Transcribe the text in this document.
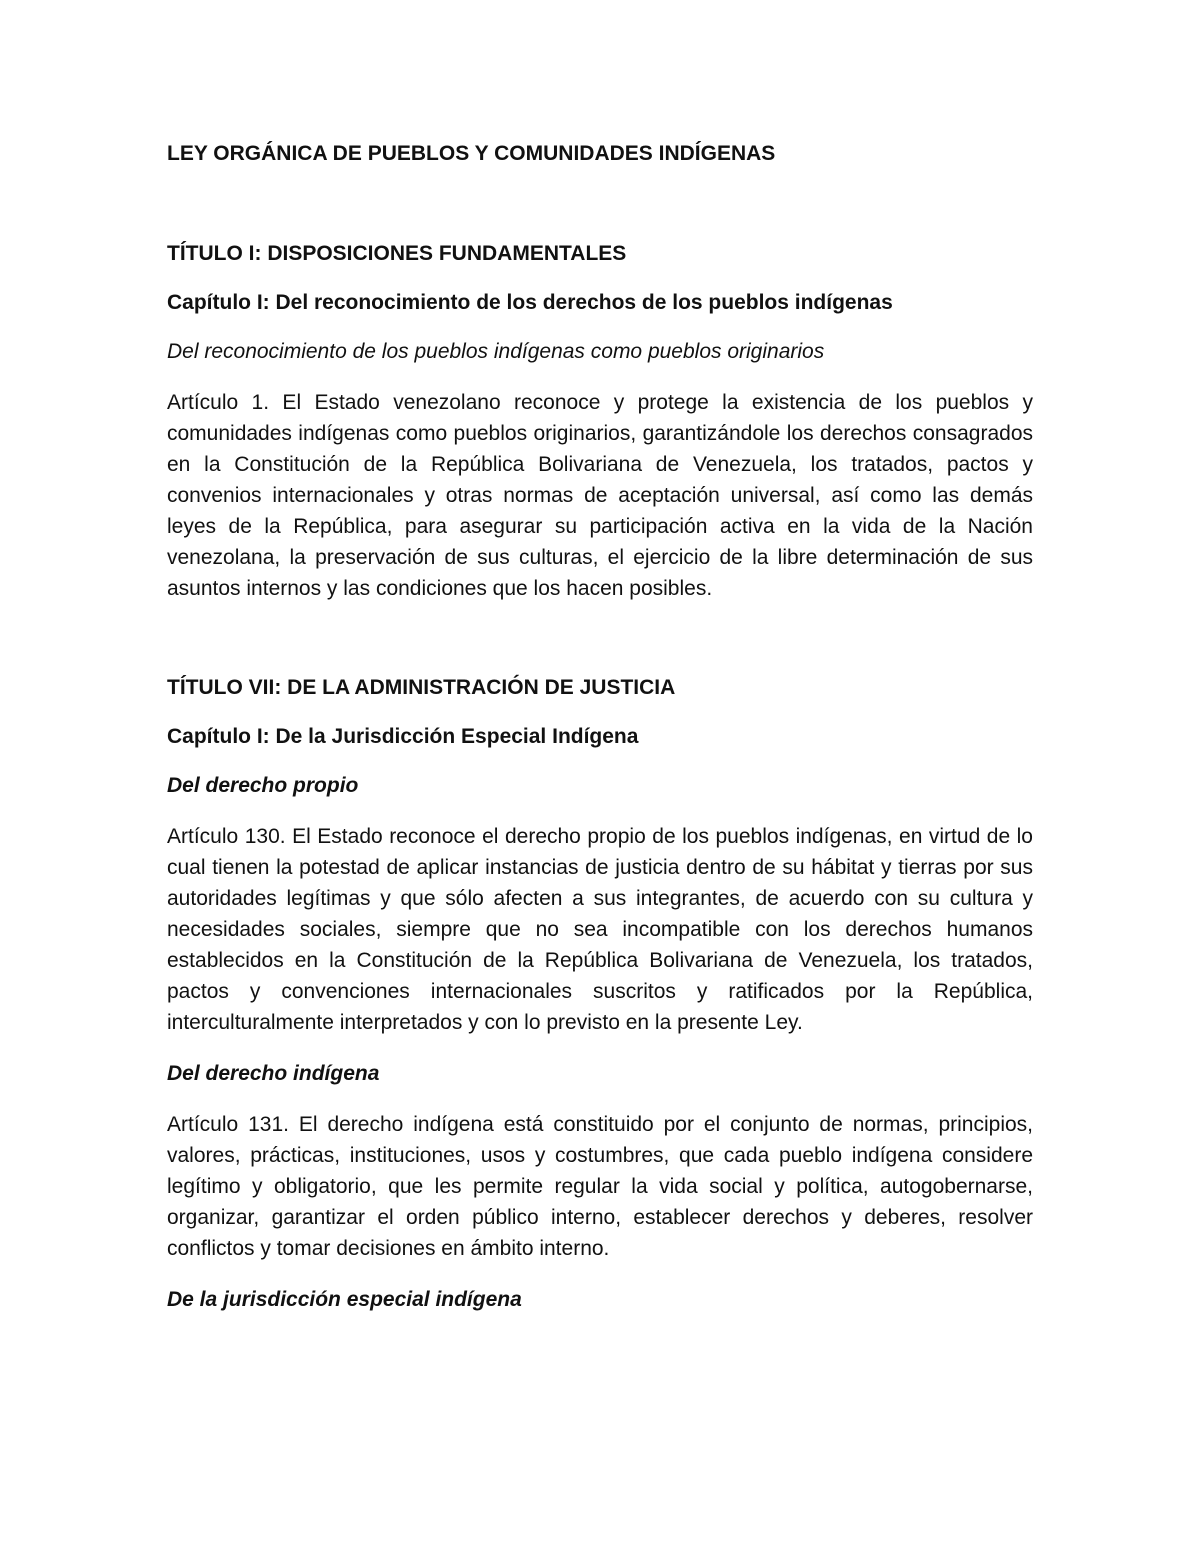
LEY ORGÁNICA DE PUEBLOS Y COMUNIDADES INDÍGENAS
TÍTULO I: DISPOSICIONES FUNDAMENTALES
Capítulo I: Del reconocimiento de los derechos de los pueblos indígenas

Del reconocimiento de los pueblos indígenas como pueblos originarios

Artículo 1. El Estado venezolano reconoce y protege la existencia de los pueblos y comunidades indígenas como pueblos originarios, garantizándole los derechos consagrados en la Constitución de la República Bolivariana de Venezuela, los tratados, pactos y convenios internacionales y otras normas de aceptación universal, así como las demás leyes de la República, para asegurar su participación activa en la vida de la Nación venezolana, la preservación de sus culturas, el ejercicio de la libre determinación de sus asuntos internos y las condiciones que los hacen posibles.

TÍTULO VII: DE LA ADMINISTRACIÓN DE JUSTICIA
Capítulo I: De la Jurisdicción Especial Indígena

Del derecho propio

Artículo 130. El Estado reconoce el derecho propio de los pueblos indígenas, en virtud de lo cual tienen la potestad de aplicar instancias de justicia dentro de su hábitat y tierras por sus autoridades legítimas y que sólo afecten a sus integrantes, de acuerdo con su cultura y necesidades sociales, siempre que no sea incompatible con los derechos humanos establecidos en la Constitución de la República Bolivariana de Venezuela, los tratados, pactos y convenciones internacionales suscritos y ratificados por la República, interculturalmente interpretados y con lo previsto en la presente Ley.

Del derecho indígena

Artículo 131. El derecho indígena está constituido por el conjunto de normas, principios, valores, prácticas, instituciones, usos y costumbres, que cada pueblo indígena considere legítimo y obligatorio, que les permite regular la vida social y política, autogobernarse, organizar, garantizar el orden público interno, establecer derechos y deberes, resolver conflictos y tomar decisiones en ámbito interno.

De la jurisdicción especial indígena
